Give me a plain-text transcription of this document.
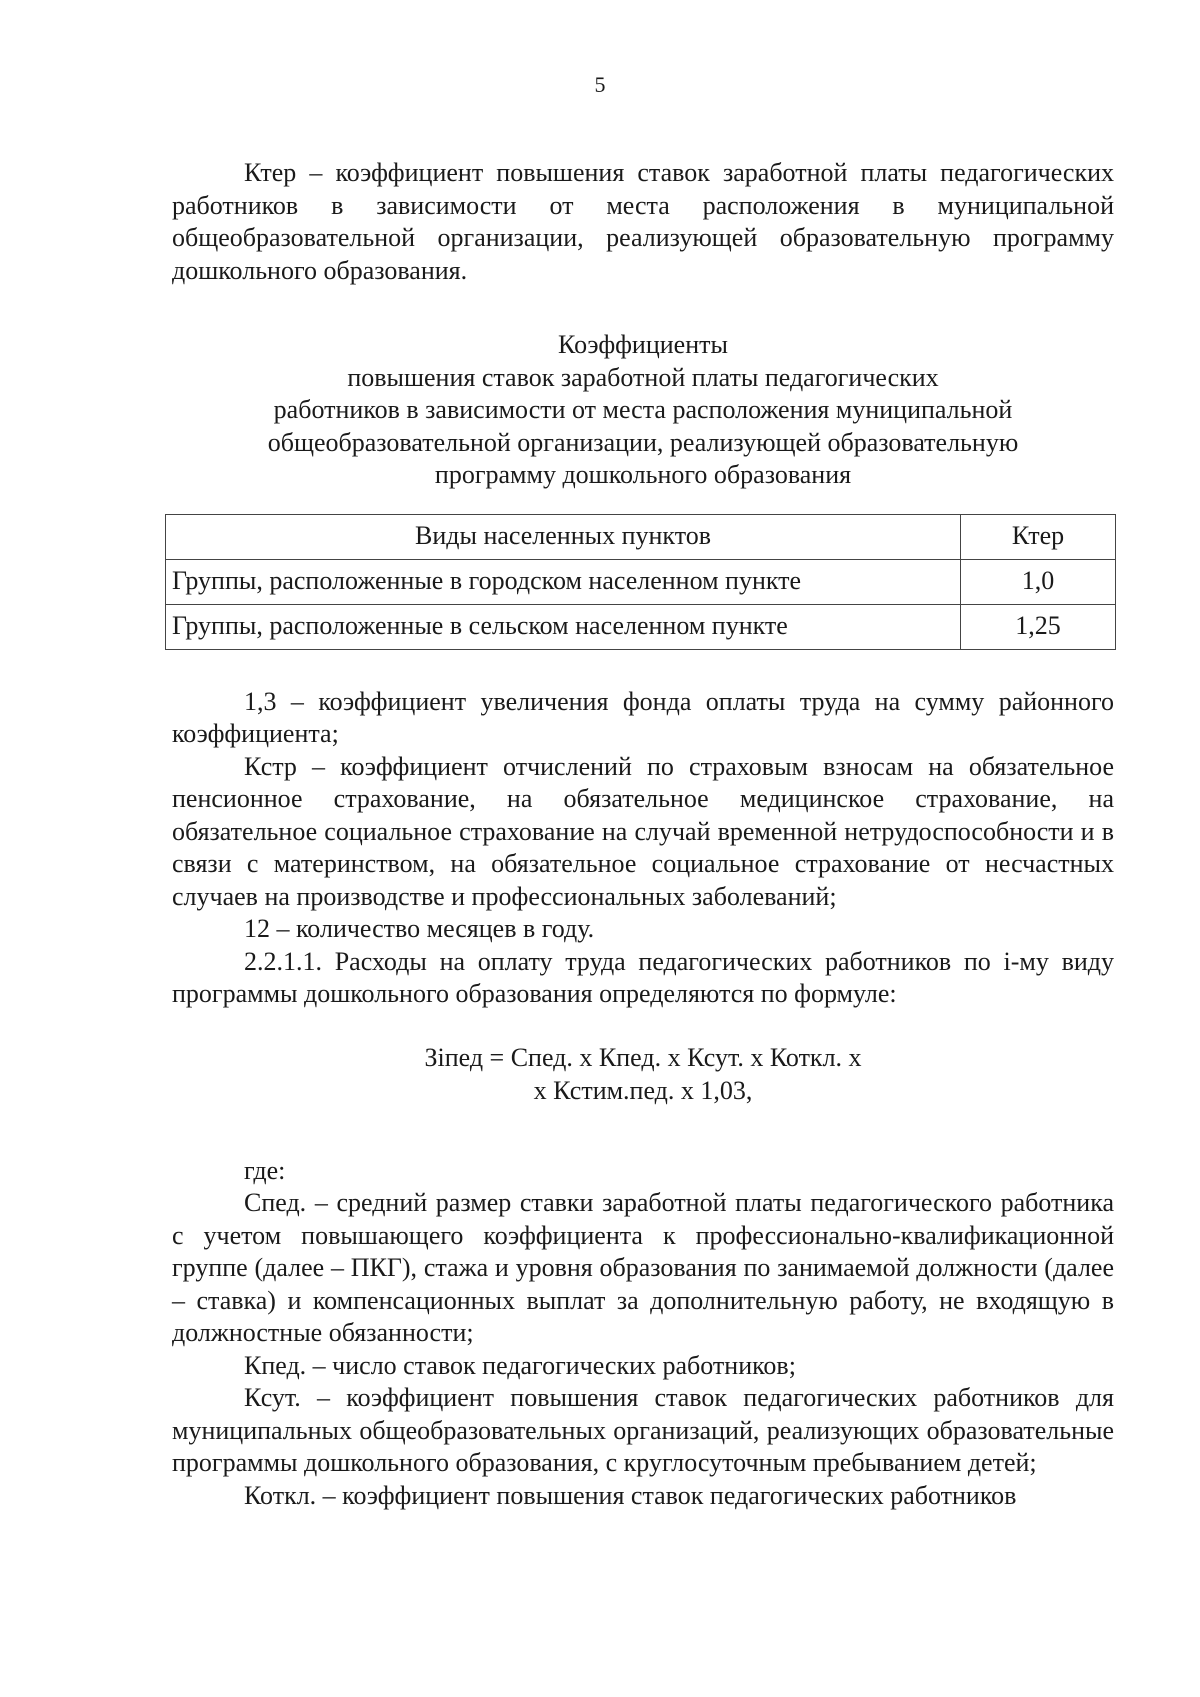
5

Ктер – коэффициент повышения ставок заработной платы педагогических работников в зависимости от места расположения в муниципальной общеобразовательной организации, реализующей образовательную программу дошкольного образования.

Коэффициенты
повышения ставок заработной платы педагогических
работников в зависимости от места расположения муниципальной
общеобразовательной организации, реализующей образовательную
программу дошкольного образования
Виды населенных пунктов	Ктер
Группы, расположенные в городском населенном пункте	1,0
Группы, расположенные в сельском населенном пункте	1,25

1,3 – коэффициент увеличения фонда оплаты труда на сумму районного коэффициента;

Кстр – коэффициент отчислений по страховым взносам на обязательное пенсионное страхование, на обязательное медицинское страхование, на обязательное социальное страхование на случай временной нетрудоспособности и в связи с материнством, на обязательное социальное страхование от несчастных случаев на производстве и профессиональных заболеваний;

12 – количество месяцев в году.

2.2.1.1. Расходы на оплату труда педагогических работников по i-му виду программы дошкольного образования определяются по формуле:

Зiпед = Спед. х Кпед. х Ксут. х Коткл. х
х Кстим.пед. х 1,03,

где:

Спед. – средний размер ставки заработной платы педагогического работника с учетом повышающего коэффициента к профессионально-квалификационной группе (далее – ПКГ), стажа и уровня образования по занимаемой должности (далее – ставка) и компенсационных выплат за дополнительную работу, не входящую в должностные обязанности;

Кпед. – число ставок педагогических работников;

Ксут. – коэффициент повышения ставок педагогических работников для муниципальных общеобразовательных организаций, реализующих образовательные программы дошкольного образования, с круглосуточным пребыванием детей;

Коткл. – коэффициент повышения ставок педагогических работников
